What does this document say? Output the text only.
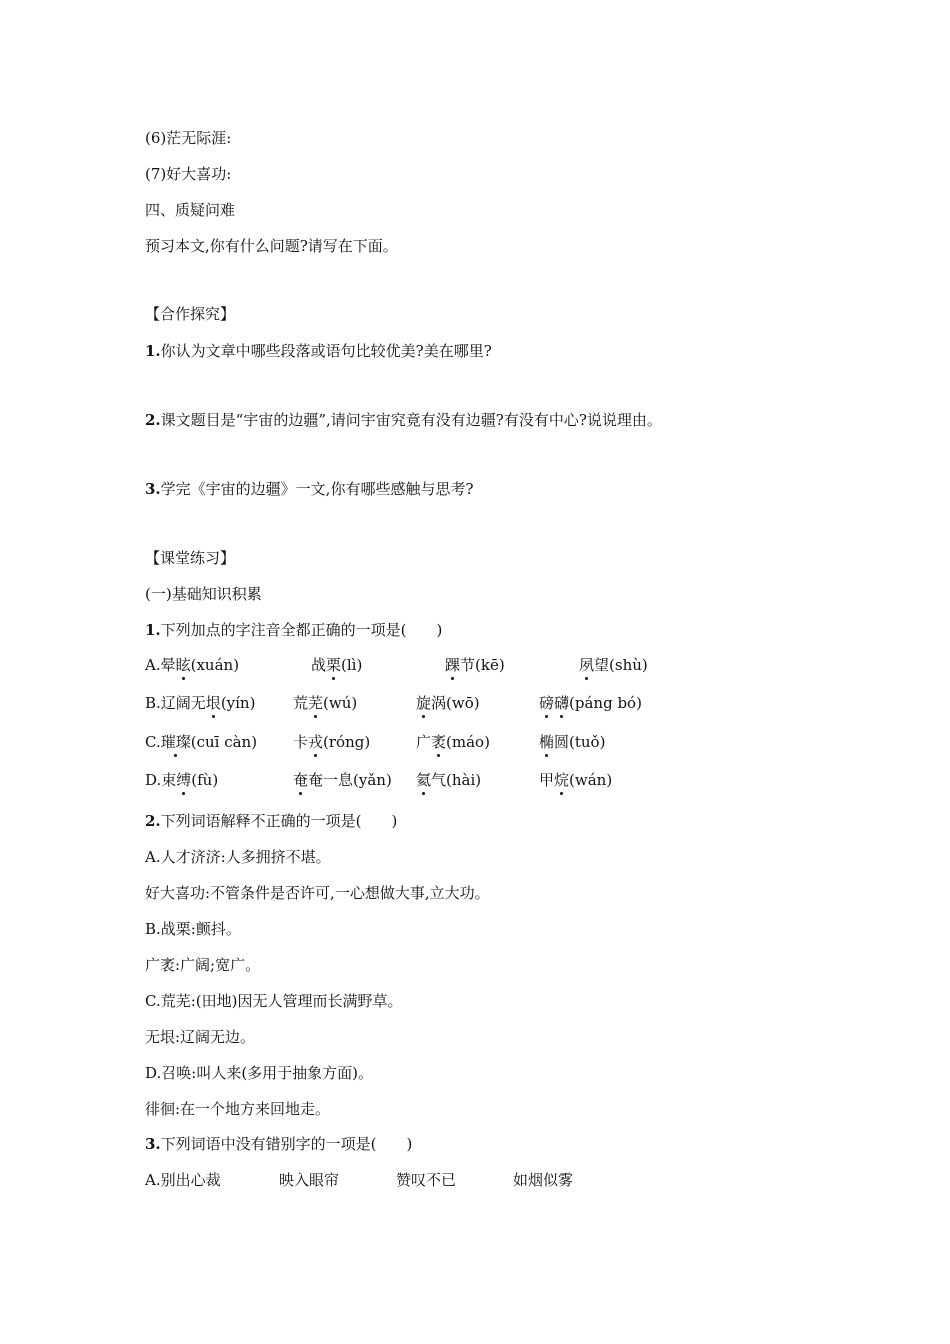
(6)茫无际涯:
(7)好大喜功:
四、质疑问难
预习本文,你有什么问题?请写在下面。
【合作探究】
1.你认为文章中哪些段落或语句比较优美?美在哪里?
2.课文题目是“宇宙的边疆”,请问宇宙究竟有没有边疆?有没有中心?说说理由。
3.学完《宇宙的边疆》一文,你有哪些感触与思考?
【课堂练习】
(一)基础知识积累
1.下列加点的字注音全都正确的一项是(　　)
A.晕眩(xuán)	战栗(lì)	踝节(kē)	夙望(shù)
B.辽阔无垠(yín)	荒芜(wú)	旋涡(wō)	磅礴(páng bó)
C.璀璨(cuī càn) 卡戎(róng)	广袤(máo)	椭圆(tuǒ)
D.束缚(fù)	奄奄一息(yǎn) 氦气(hài)	甲烷(wán)
2.下列词语解释不正确的一项是(　　)
A.人才济济:人多拥挤不堪。
好大喜功:不管条件是否许可,一心想做大事,立大功。
B.战栗:颤抖。
广袤:广阔;宽广。
C.荒芜:(田地)因无人管理而长满野草。
无垠:辽阔无边。
D.召唤:叫人来(多用于抽象方面)。
徘徊:在一个地方来回地走。
3.下列词语中没有错别字的一项是(　　)
A.别出心裁	映入眼帘	赞叹不已	如烟似雾
